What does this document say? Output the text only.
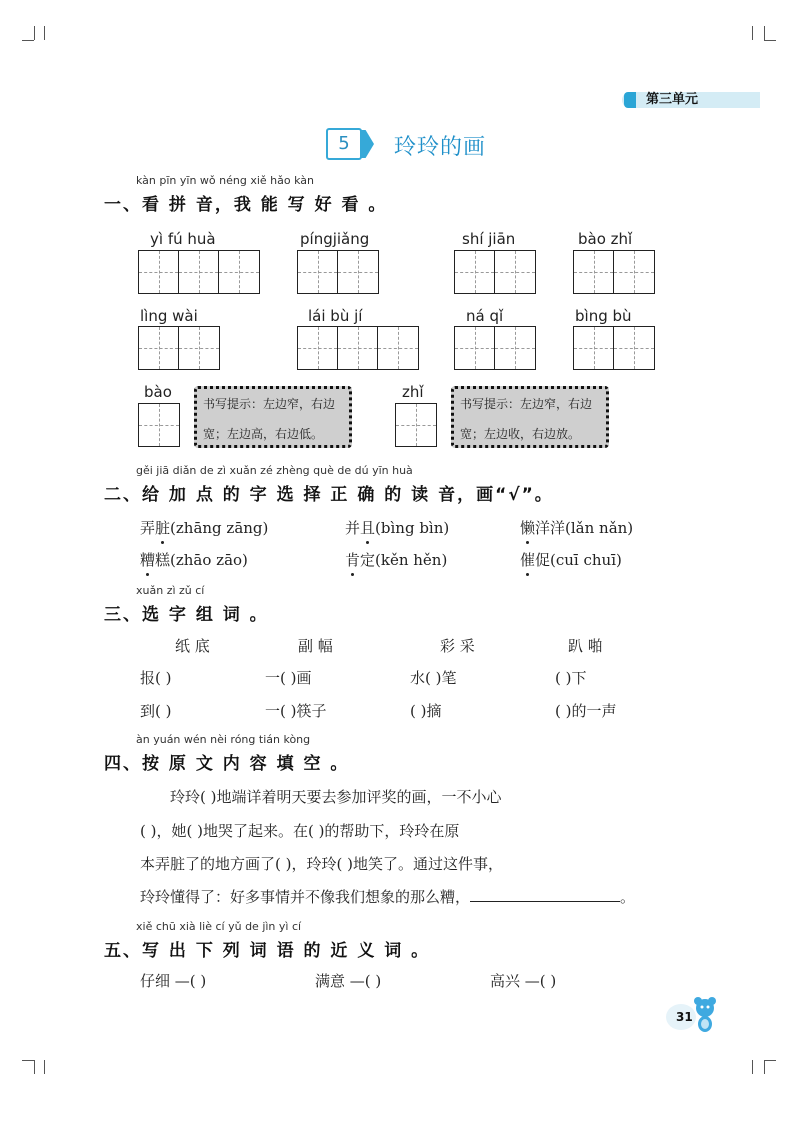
第三单元
5	玲玲的画
kàn pīn yīn wǒ néng xiě hǎo kàn
一、看 拼 音，我 能 写 好 看 。
yì fú huà	píngjiǎng	shí jiān	bào zhǐ
lìng wài	lái bù jí	ná qǐ	bìng bù
bào
书写提示：左边窄，右边
宽；左边高，右边低。
zhǐ
书写提示：左边窄，右边
宽；左边收，右边放。
gěi jiā diǎn de zì xuǎn zé zhèng què de dú yīn huà
二、给 加 点 的 字 选 择 正 确 的 读 音，画“√”。
弄脏(zhāng zāng)	并且(bìng bìn)	懒洋洋(lǎn nǎn)
糟糕(zhāo zāo)	肯定(kěn hěn)	催促(cuī chuī)
xuǎn zì zǔ cí
三、选 字 组 词 。
纸 底	副 幅	彩 采	趴 啪
报( )	一( )画	水( )笔	( )下
到( )	一( )筷子	( )摘	( )的一声
àn yuán wén nèi róng tián kòng
四、按 原 文 内 容 填 空 。
玲玲( )地端详着明天要去参加评奖的画，一不小心
( )，她( )地哭了起来。在( )的帮助下，玲玲在原
本弄脏了的地方画了( )，玲玲( )地笑了。通过这件事，
玲玲懂得了：好多事情并不像我们想象的那么糟，	。
xiě chū xià liè cí yǔ de jìn yì cí
五、写 出 下 列 词 语 的 近 义 词 。
仔细 —( )	满意 —( )	高兴 —( )
31
